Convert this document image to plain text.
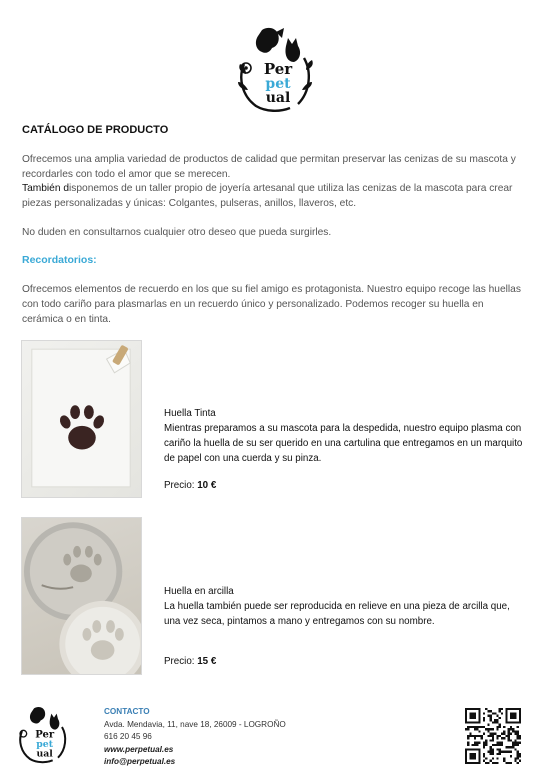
Per
pet
ual
CATÁLOGO DE PRODUCTO
Ofrecemos una amplia variedad de productos de calidad que permitan preservar las cenizas de su mascota y recordarles con todo el amor que se merecen.
También disponemos de un taller propio de joyería artesanal que utiliza las cenizas de la mascota para crear piezas personalizadas y únicas: Colgantes, pulseras, anillos, llaveros, etc.
No duden en consultarnos cualquier otro deseo que pueda surgirles.
Recordatorios:
Ofrecemos elementos de recuerdo en los que su fiel amigo es protagonista. Nuestro equipo recoge las huellas con todo cariño para plasmarlas en un recuerdo único y personalizado. Podemos recoger su huella en cerámica o en tinta.
Huella Tinta
Mientras preparamos a su mascota para la despedida, nuestro equipo plasma con cariño la huella de su ser querido en una cartulina que entregamos en un marquito de papel con una cuerda y su pinza.
Precio: 10 €
Huella en arcilla
La huella también puede ser reproducida en relieve en una pieza de arcilla que, una vez seca, pintamos a mano y entregamos con su nombre.
Precio: 15 €
Per
pet
ual
CONTACTO
Avda. Mendavia, 11, nave 18, 26009 - LOGROÑO
616 20 45 96
www.perpetual.es
info@perpetual.es
